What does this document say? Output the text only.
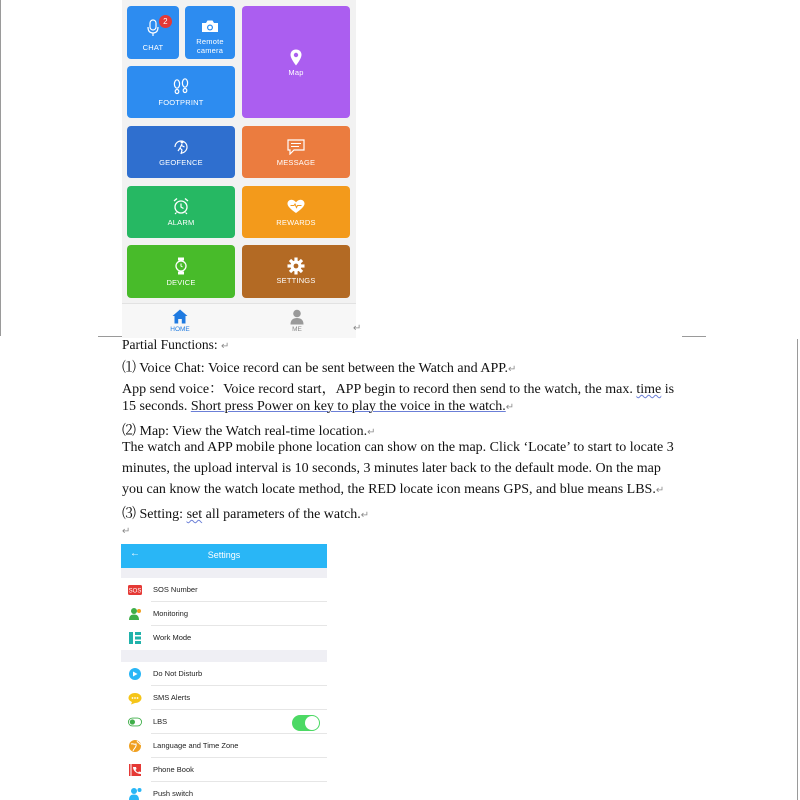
2
CHAT
Remote
camera
Map
FOOTPRINT
GEOFENCE	MESSAGE
ALARM	REWARDS
DEVICE	SETTINGS
HOME	ME	↵
Partial Functions: ↵
⑴ Voice Chat: Voice record can be sent between the Watch and APP.↵
App send voice：Voice record start，APP begin to record then send to the watch, the max. time is
15 seconds. Short press Power on key to play the voice in the watch.↵
⑵ Map: View the Watch real-time location.↵
The watch and APP mobile phone location can show on the map. Click ‘Locate’ to start to locate 3
minutes, the upload interval is 10 seconds, 3 minutes later back to the default mode. On the map
you can know the watch locate method, the RED locate icon means GPS, and blue means LBS.↵
⑶ Setting: set all parameters of the watch.↵
↵
←	Settings
SOS SOS Number
Monitoring
Work Mode
Do Not Disturb
SMS Alerts
LBS
Language and Time Zone
Phone Book
Push switch
